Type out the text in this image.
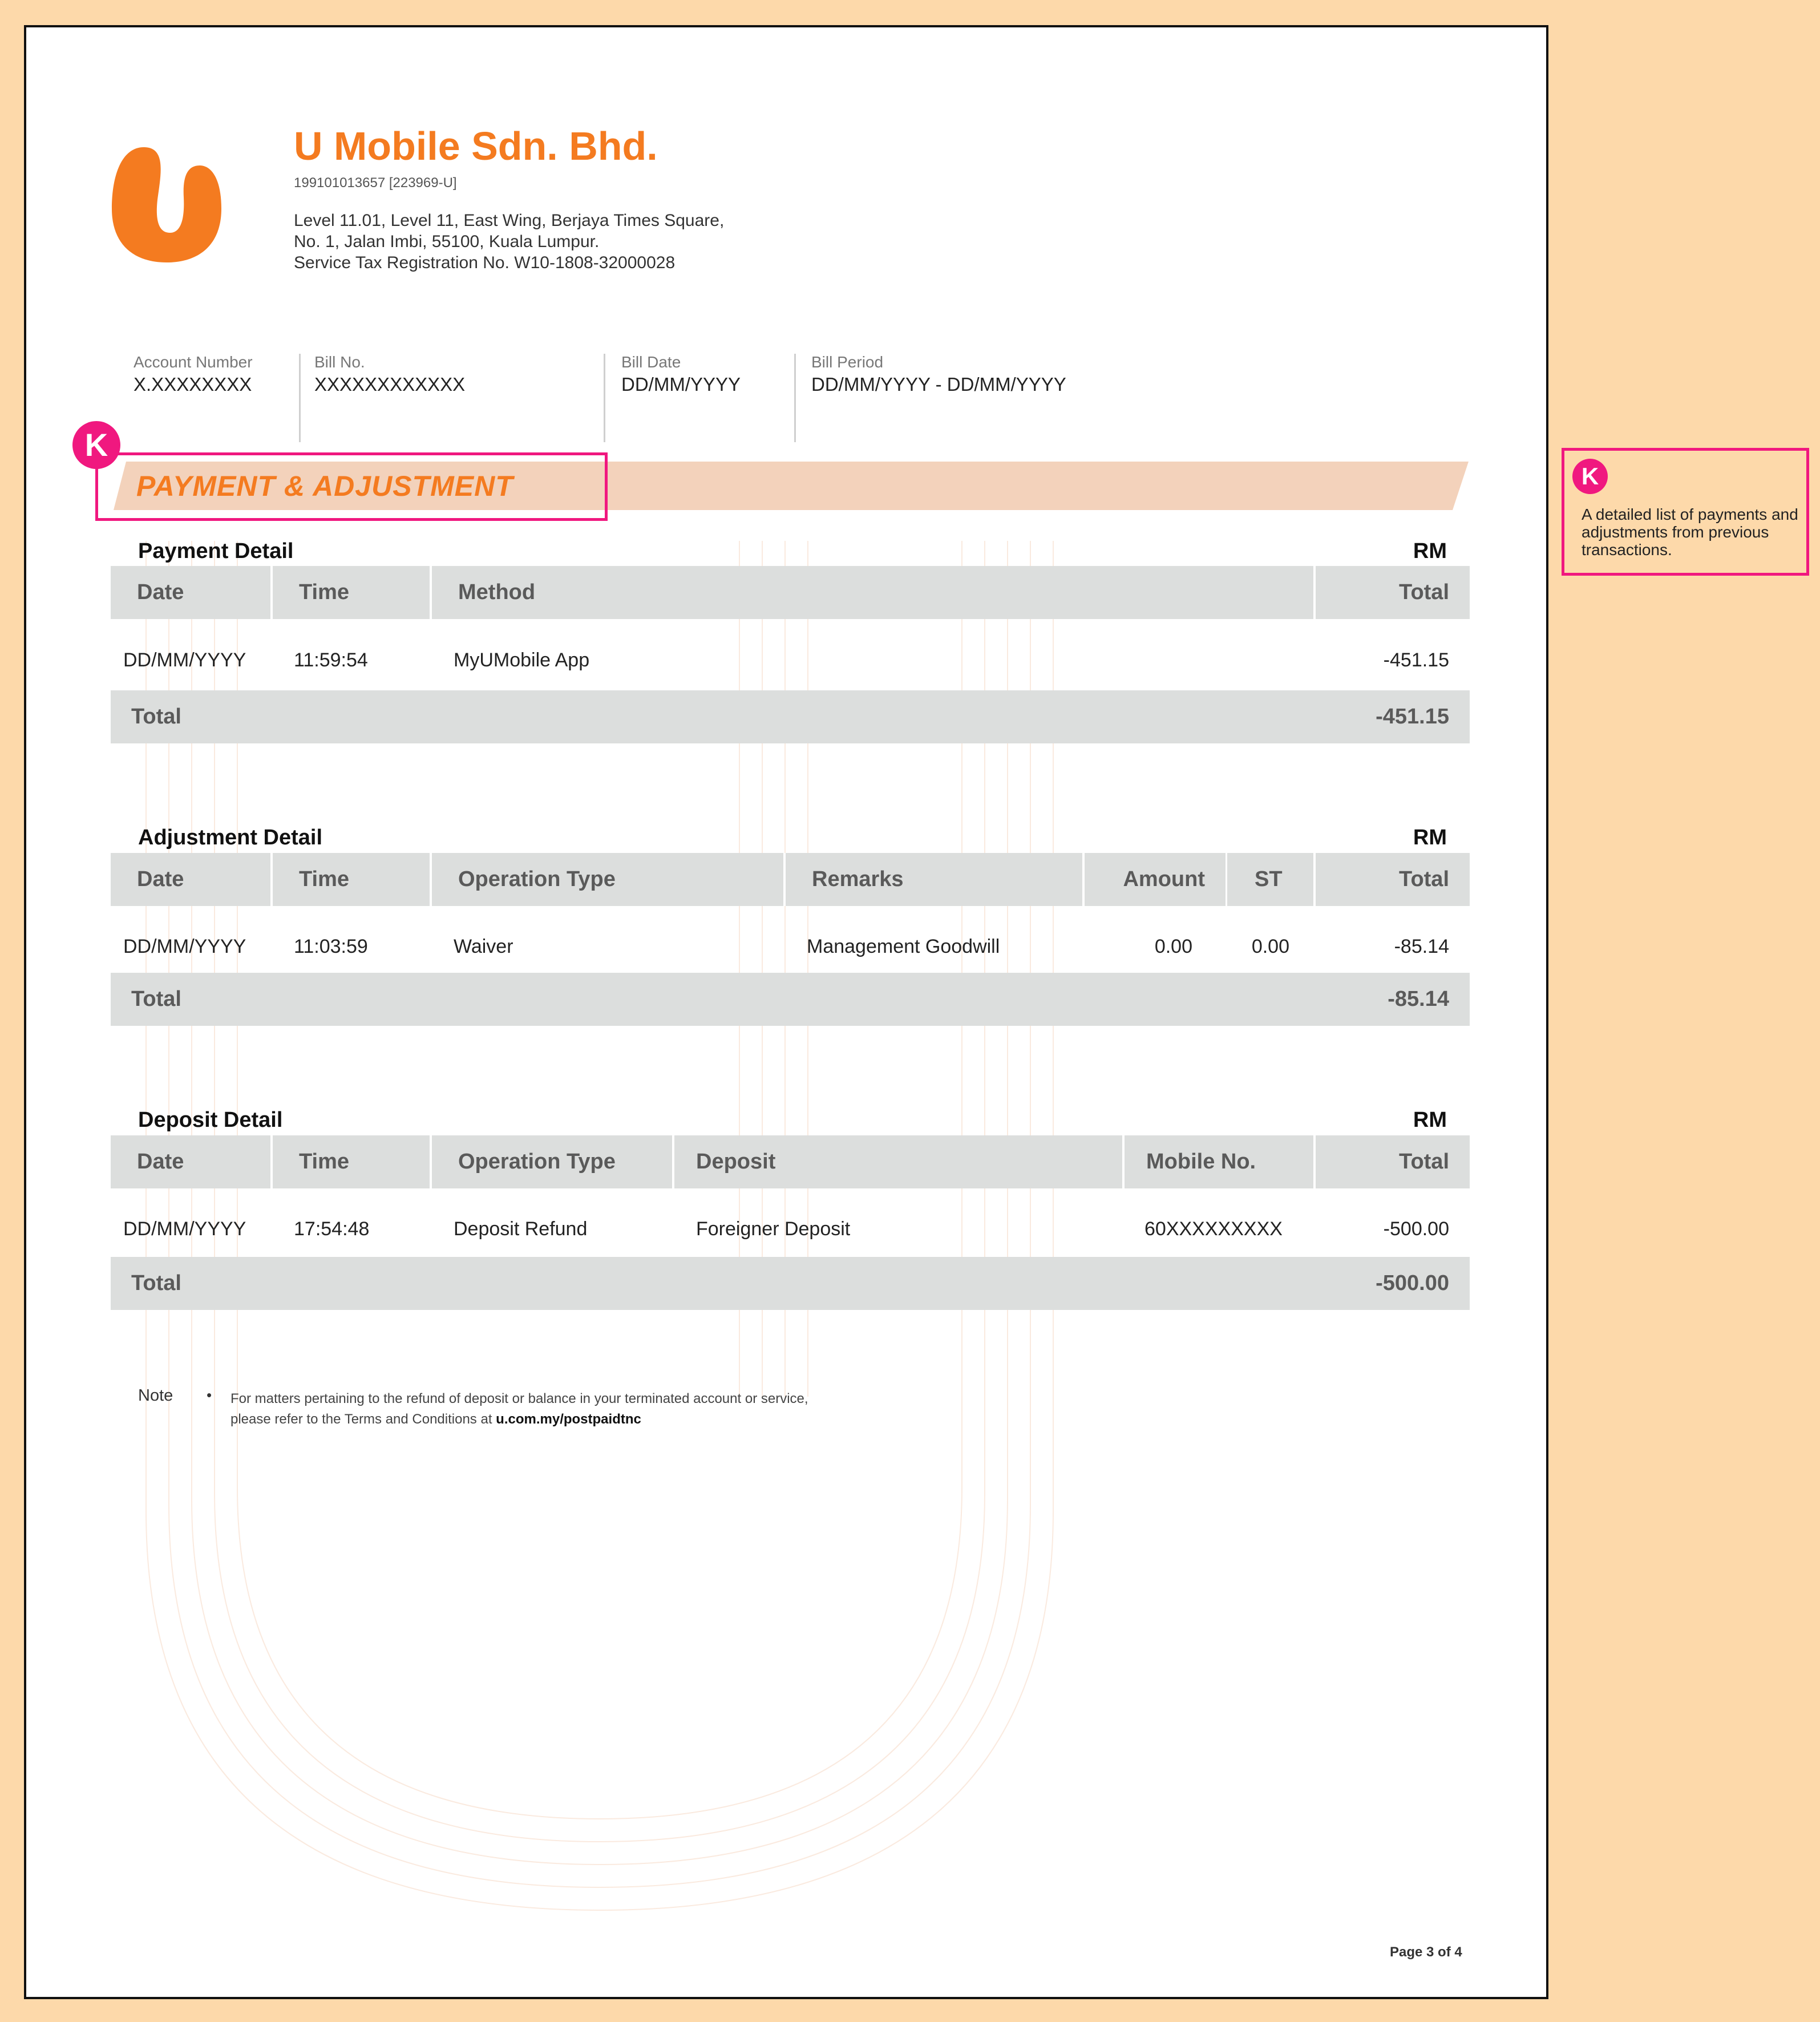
U Mobile Sdn. Bhd.
199101013657 [223969-U]
Level 11.01, Level 11, East Wing, Berjaya Times Square,
No. 1, Jalan Imbi, 55100, Kuala Lumpur.
Service Tax Registration No. W10-1808-32000028
Account Number
X.XXXXXXXX
Bill No.
XXXXXXXXXXXX
Bill Date
DD/MM/YYYY
Bill Period
DD/MM/YYYY - DD/MM/YYYY
PAYMENT & ADJUSTMENT
K
Payment Detail	RM
Date	Time	Method	Total
DD/MM/YYYY 11:59:54	MyUMobile App	-451.15
Total	-451.15
Adjustment Detail	RM
Date	Time	Operation Type	Remarks	Amount	ST	Total
DD/MM/YYYY 11:03:59	Waiver	Management Goodwill	0.00	0.00	-85.14
Total	-85.14
Deposit Detail	RM
Date	Time	Operation Type	Deposit	Mobile No.	Total
DD/MM/YYYY 17:54:48	Deposit Refund	Foreigner Deposit	60XXXXXXXXX	-500.00
Total	-500.00
Note • For matters pertaining to the refund of deposit or balance in your terminated account or service,
please refer to the Terms and Conditions at u.com.my/postpaidtnc
Page 3 of 4
K
A detailed list of payments and adjustments from previous transactions.
